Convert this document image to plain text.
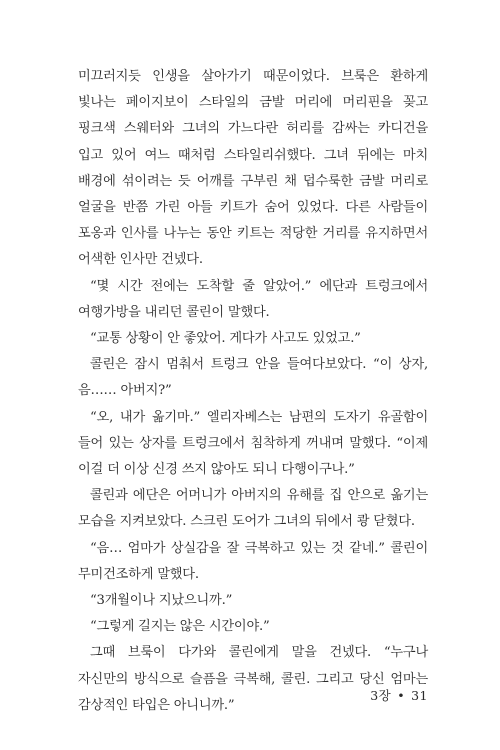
미끄러지듯 인생을 살아가기 때문이었다. 브룩은 환하게 빛나는 페이지보이 스타일의 금발 머리에 머리핀을 꽂고 핑크색 스웨터와 그녀의 가느다란 허리를 감싸는 카디건을 입고 있어 여느 때처럼 스타일리쉬했다. 그녀 뒤에는 마치 배경에 섞이려는 듯 어깨를 구부린 채 덥수룩한 금발 머리로 얼굴을 반쯤 가린 아들 키트가 숨어 있었다. 다른 사람들이 포옹과 인사를 나누는 동안 키트는 적당한 거리를 유지하면서 어색한 인사만 건넸다.

“몇 시간 전에는 도착할 줄 알았어.” 에단과 트렁크에서 여행가방을 내리던 콜린이 말했다.

“교통 상황이 안 좋았어. 게다가 사고도 있었고.”

콜린은 잠시 멈춰서 트렁크 안을 들여다보았다. “이 상자, 음…… 아버지?”

“오, 내가 옮기마.” 엘리자베스는 남편의 도자기 유골함이 들어 있는 상자를 트렁크에서 침착하게 꺼내며 말했다. “이제 이걸 더 이상 신경 쓰지 않아도 되니 다행이구나.”

콜린과 에단은 어머니가 아버지의 유해를 집 안으로 옮기는 모습을 지켜보았다. 스크린 도어가 그녀의 뒤에서 쾅 닫혔다.

“음… 엄마가 상실감을 잘 극복하고 있는 것 같네.” 콜린이 무미건조하게 말했다.

“3개월이나 지났으니까.”

“그렇게 길지는 않은 시간이야.”

그때 브룩이 다가와 콜린에게 말을 건넸다. “누구나 자신만의 방식으로 슬픔을 극복해, 콜린. 그리고 당신 엄마는 감상적인 타입은 아니니까.”

3장 • 31
